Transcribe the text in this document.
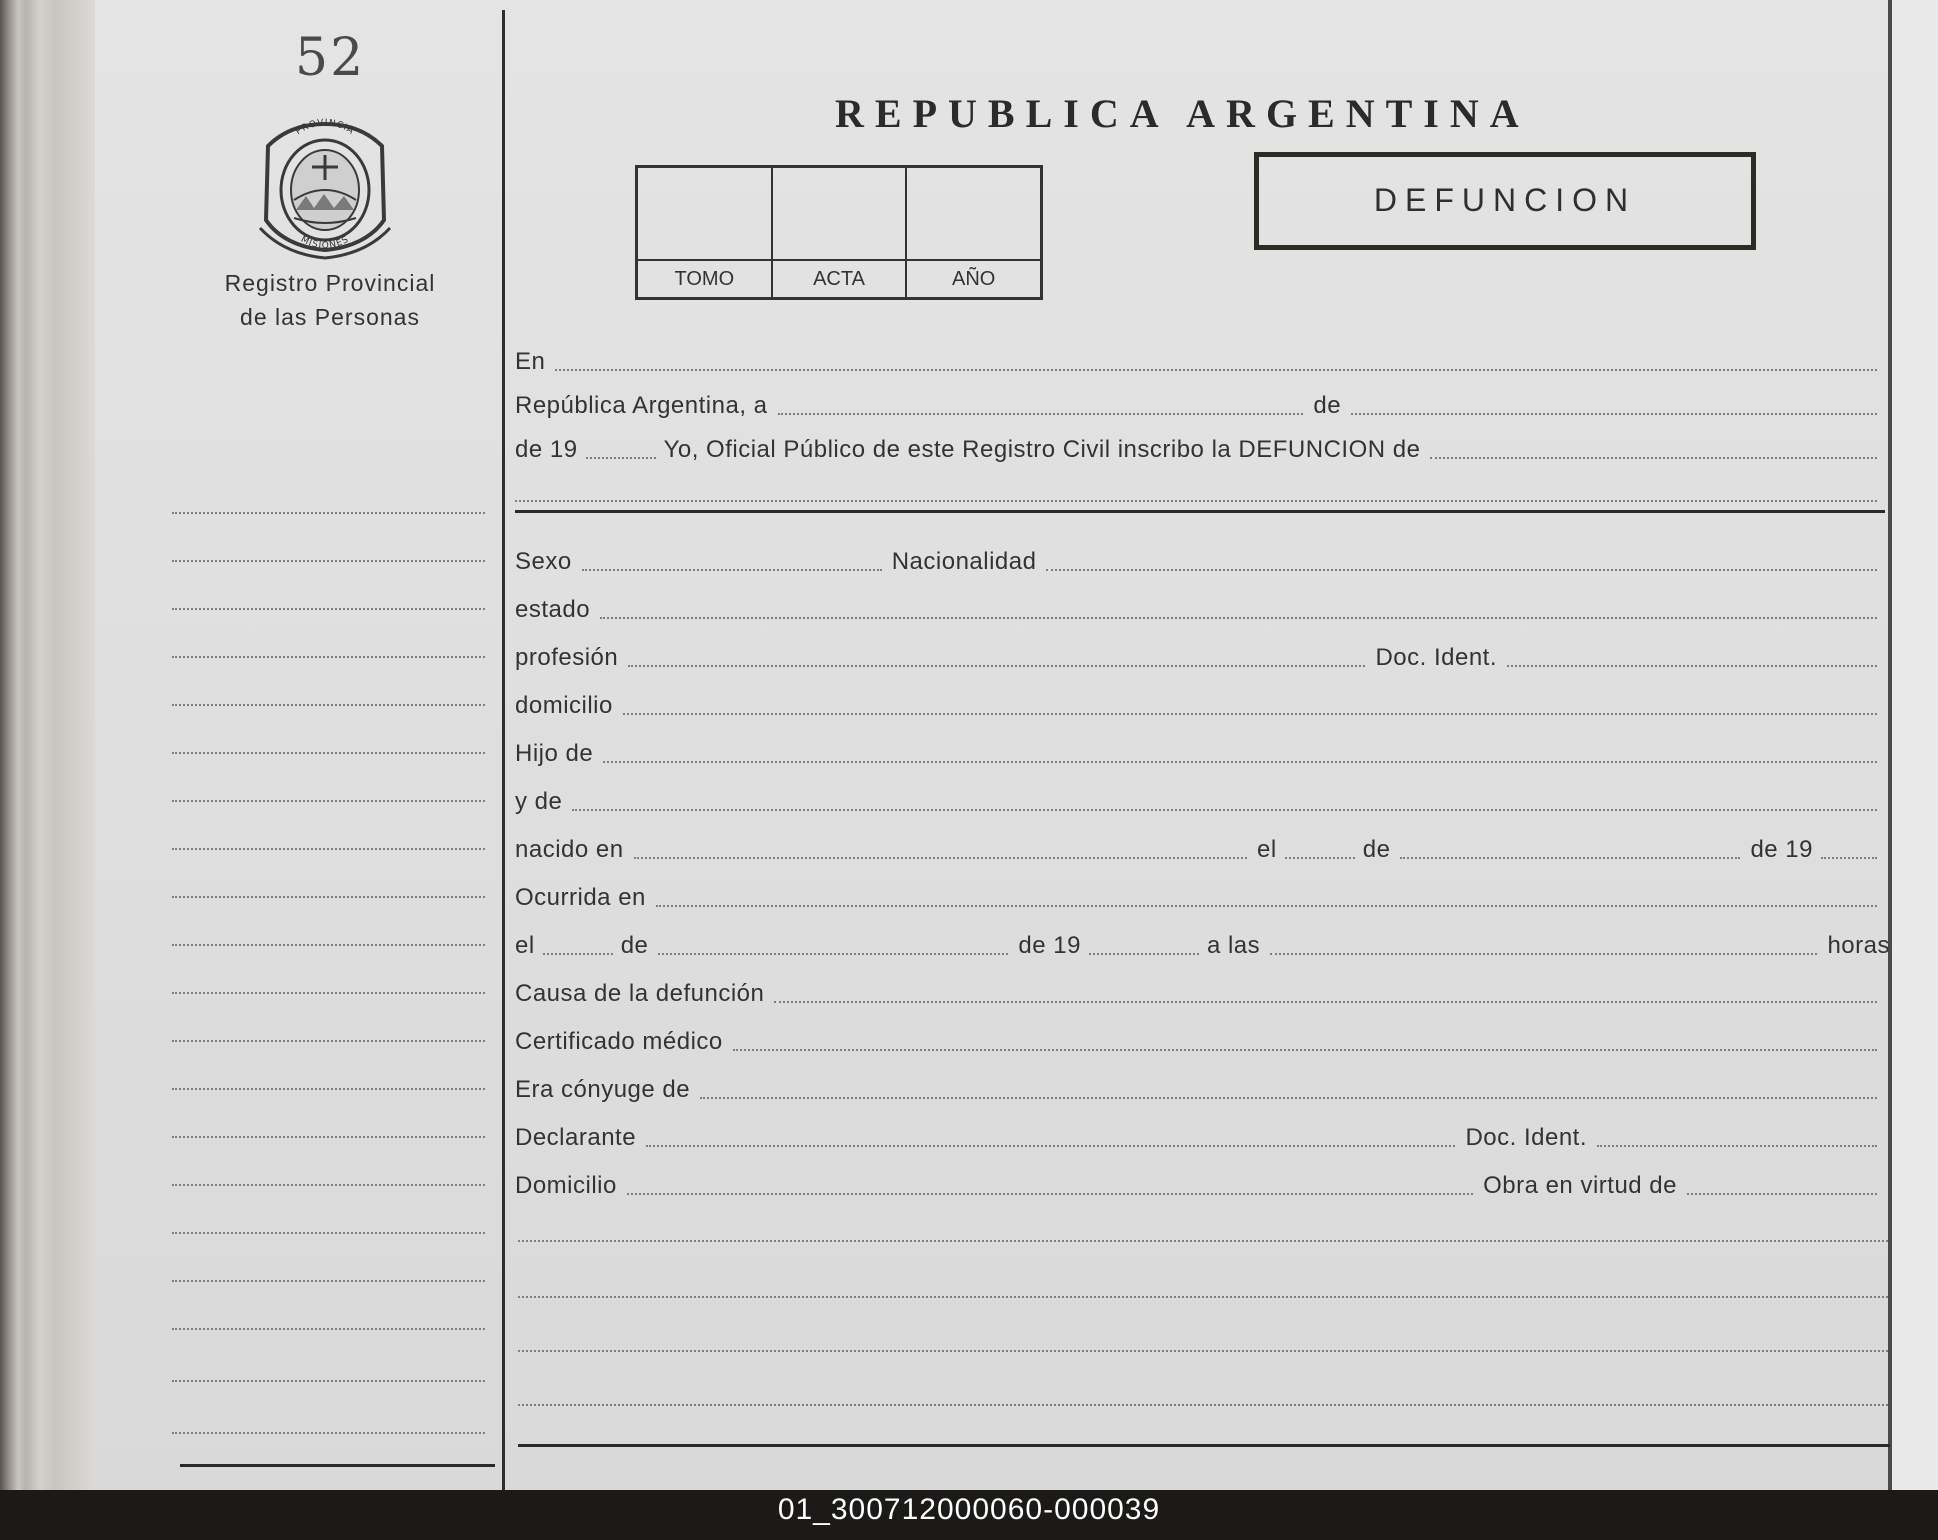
52
PROVINCIA
MISIONES
Registro Provincial
de las Personas
REPUBLICA ARGENTINA
TOMO	ACTA	AÑO
DEFUNCION
En
República Argentina, a	de
de 19	Yo, Oficial Público de este Registro Civil inscribo la DEFUNCION de
Sexo	Nacionalidad
estado
profesión	Doc. Ident.
domicilio
Hijo de
y de
nacido en	el	de	de 19
Ocurrida en
el	de	de 19	a las	horas
Causa de la defunción
Certificado médico
Era cónyuge de
Declarante	Doc. Ident.
Domicilio	Obra en virtud de
01_300712000060-000039
